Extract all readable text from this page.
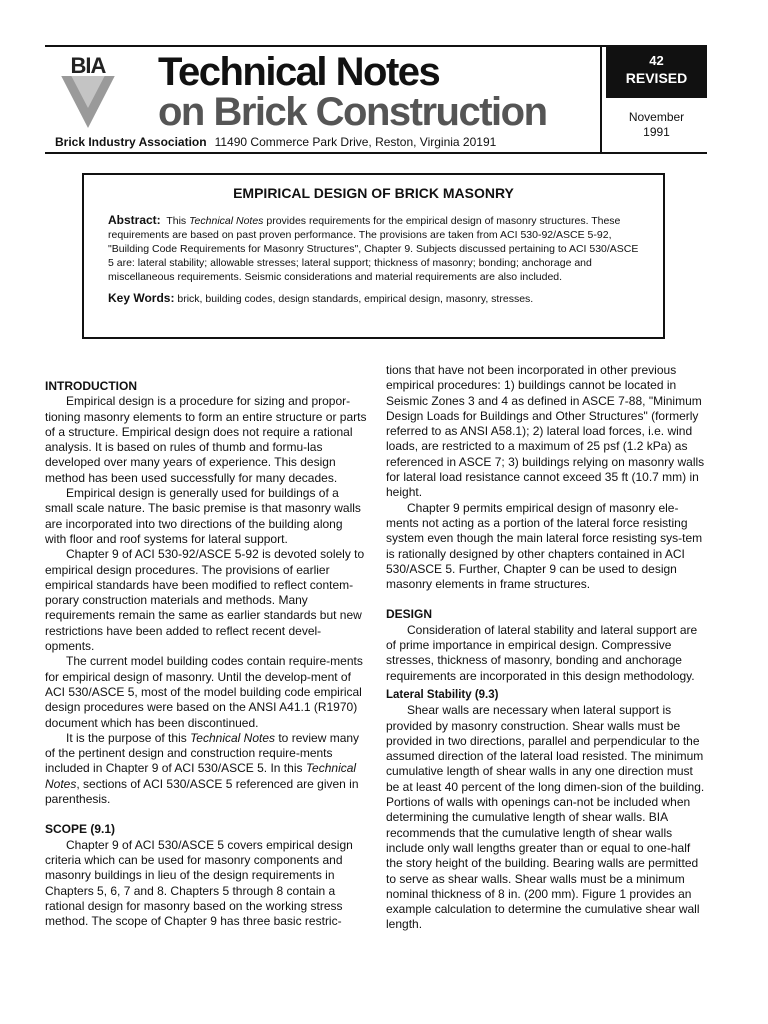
BIA Technical Notes
on Brick Construction
Brick Industry Association 11490 Commerce Park Drive, Reston, Virginia 20191
42
REVISED
November
1991
EMPIRICAL DESIGN OF BRICK MASONRY
Abstract: This Technical Notes provides requirements for the empirical design of masonry structures. These requirements are based on past proven performance. The provisions are taken from ACI 530-92/ASCE 5-92, "Building Code Requirements for Masonry Structures", Chapter 9. Subjects discussed pertaining to ACI 530/ASCE 5 are: lateral stability; allowable stresses; lateral support; thickness of masonry; bonding; anchorage and miscellaneous requirements. Seismic considerations and material requirements are also included.
Key Words: brick, building codes, design standards, empirical design, masonry, stresses.
INTRODUCTION

Empirical design is a procedure for sizing and propor-tioning masonry elements to form an entire structure or parts of a structure. Empirical design does not require a rational analysis. It is based on rules of thumb and formu-las developed over many years of experience. This design method has been used successfully for many decades.

Empirical design is generally used for buildings of a small scale nature. The basic premise is that masonry walls are incorporated into two directions of the building along with floor and roof systems for lateral support.

Chapter 9 of ACI 530-92/ASCE 5-92 is devoted solely to empirical design procedures. The provisions of earlier empirical standards have been modified to reflect contem-porary construction materials and methods. Many requirements remain the same as earlier standards but new restrictions have been added to reflect recent devel-opments.

The current model building codes contain require-ments for empirical design of masonry. Until the develop-ment of ACI 530/ASCE 5, most of the model building code empirical design procedures were based on the ANSI A41.1 (R1970) document which has been discontinued.

It is the purpose of this Technical Notes to review many of the pertinent design and construction require-ments included in Chapter 9 of ACI 530/ASCE 5. In this Technical Notes, sections of ACI 530/ASCE 5 referenced are given in parenthesis.

SCOPE (9.1)

Chapter 9 of ACI 530/ASCE 5 covers empirical design criteria which can be used for masonry components and masonry buildings in lieu of the design requirements in Chapters 5, 6, 7 and 8. Chapters 5 through 8 contain a rational design for masonry based on the working stress method. The scope of Chapter 9 has three basic restric-

tions that have not been incorporated in other previous empirical procedures: 1) buildings cannot be located in Seismic Zones 3 and 4 as defined in ASCE 7-88, "Minimum Design Loads for Buildings and Other Structures" (formerly referred to as ANSI A58.1); 2) lateral load forces, i.e. wind loads, are restricted to a maximum of 25 psf (1.2 kPa) as referenced in ASCE 7; 3) buildings relying on masonry walls for lateral load resistance cannot exceed 35 ft (10.7 mm) in height.

Chapter 9 permits empirical design of masonry ele-ments not acting as a portion of the lateral force resisting system even though the main lateral force resisting sys-tem is rationally designed by other chapters contained in ACI 530/ASCE 5. Further, Chapter 9 can be used to design masonry elements in frame structures.

DESIGN

Consideration of lateral stability and lateral support are of prime importance in empirical design. Compressive stresses, thickness of masonry, bonding and anchorage requirements are incorporated in this design methodology.

Lateral Stability (9.3)

Shear walls are necessary when lateral support is provided by masonry construction. Shear walls must be provided in two directions, parallel and perpendicular to the assumed direction of the lateral load resisted. The minimum cumulative length of shear walls in any one direction must be at least 40 percent of the long dimen-sion of the building. Portions of walls with openings can-not be included when determining the cumulative length of shear walls. BIA recommends that the cumulative length of shear walls include only wall lengths greater than or equal to one-half the story height of the building. Bearing walls are permitted to serve as shear walls. Shear walls must be a minimum nominal thickness of 8 in. (200 mm). Figure 1 provides an example calculation to determine the cumulative shear wall length.
